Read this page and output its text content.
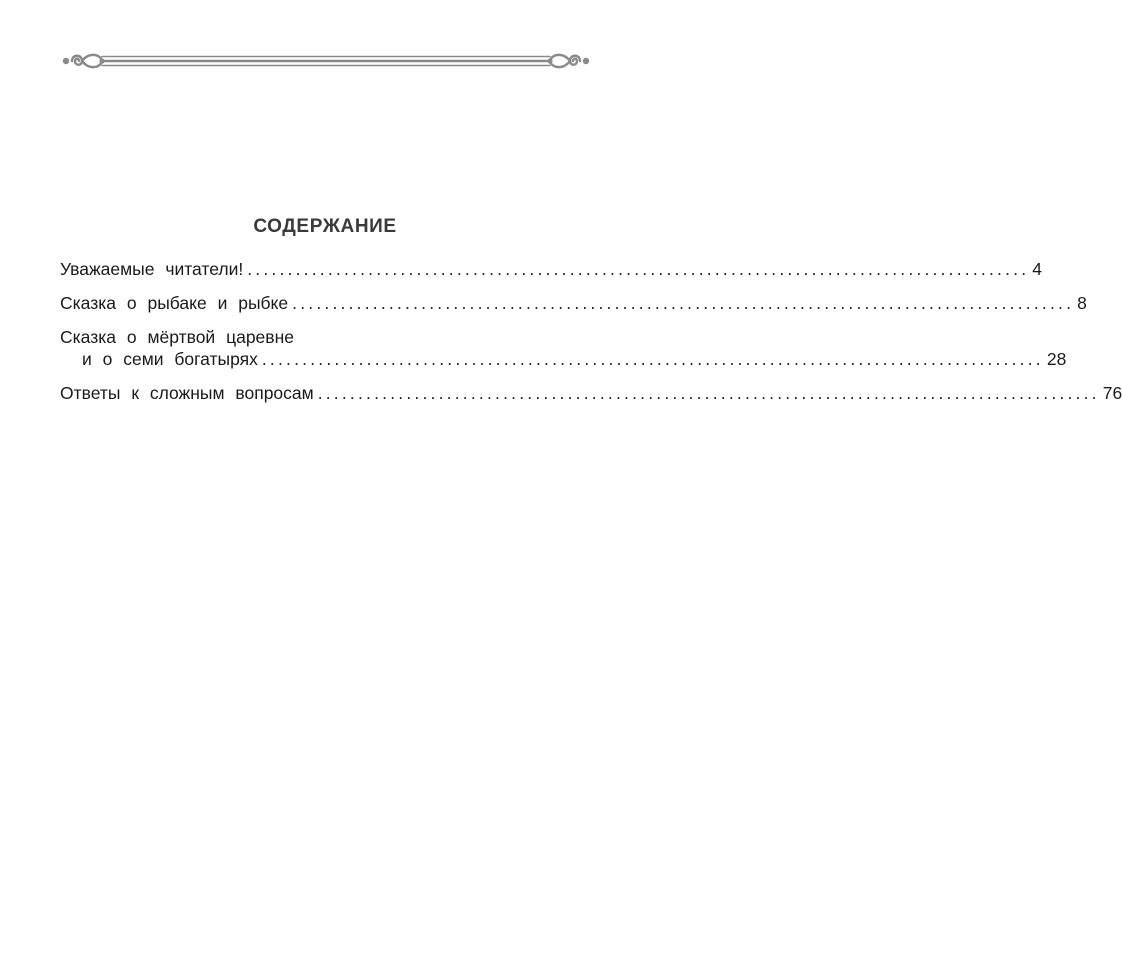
СОДЕРЖАНИЕ
Уважаемые читатели! ................................................................................................. 4
Сказка о рыбаке и рыбке ................................................................................................. 8
Сказка о мёртвой царевне
и о семи богатырях ................................................................................................. 28
Ответы к сложным вопросам ................................................................................................. 76
